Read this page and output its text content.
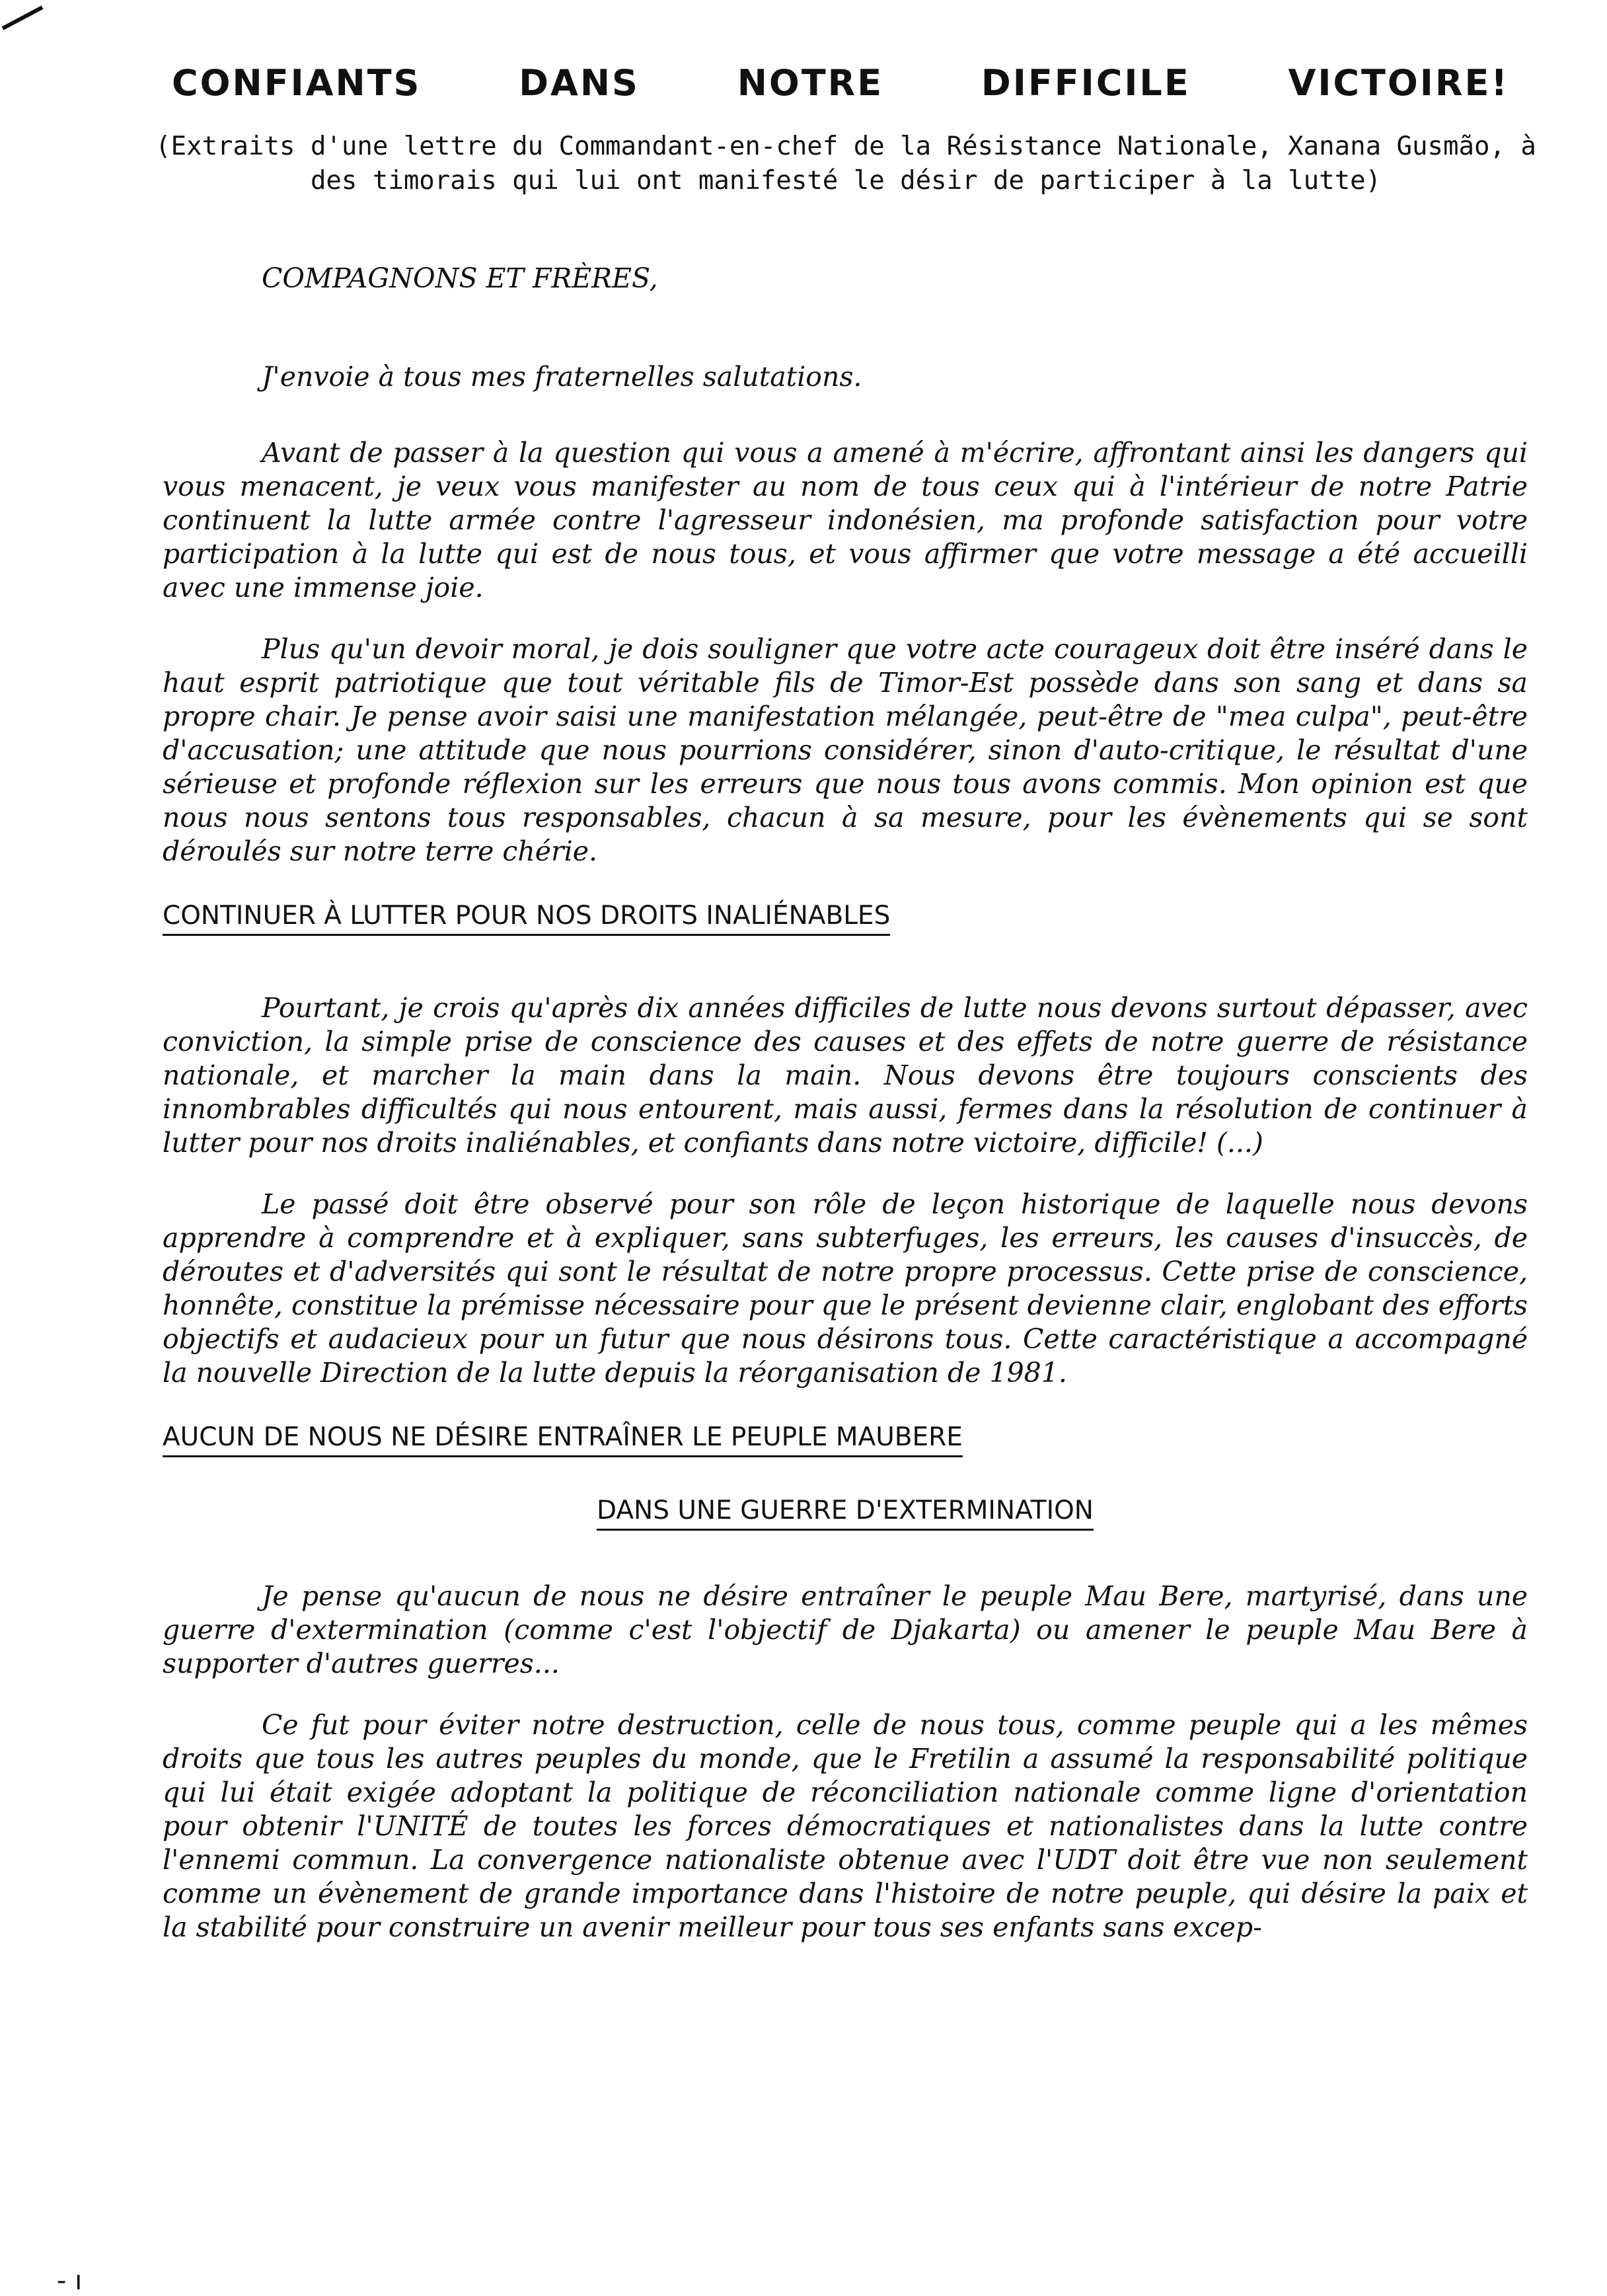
CONFIANTS	DANS	NOTRE	DIFFICILE	VICTOIRE!
(Extraits d'une lettre du Commandant-en-chef de la Résistance Nationale, Xanana Gusmão, à des timorais qui lui ont manifesté le désir de participer à la lutte)
COMPAGNONS ET FRÈRES,
J'envoie à tous mes fraternelles salutations.

Avant de passer à la question qui vous a amené à m'écrire, affrontant ainsi les dangers qui vous menacent, je veux vous manifester au nom de tous ceux qui à l'intérieur de notre Patrie continuent la lutte armée contre l'agresseur indonésien, ma profonde satisfaction pour votre participation à la lutte qui est de nous tous, et vous affirmer que votre message a été accueilli avec une immense joie.

Plus qu'un devoir moral, je dois souligner que votre acte courageux doit être inséré dans le haut esprit patriotique que tout véritable fils de Timor-Est possède dans son sang et dans sa propre chair. Je pense avoir saisi une manifestation mélangée, peut-être de "mea culpa", peut-être d'accusation; une attitude que nous pourrions considérer, sinon d'auto-critique, le résultat d'une sérieuse et profonde réflexion sur les erreurs que nous tous avons commis. Mon opinion est que nous nous sentons tous responsables, chacun à sa mesure, pour les évènements qui se sont déroulés sur notre terre chérie.

CONTINUER À LUTTER POUR NOS DROITS INALIÉNABLES

Pourtant, je crois qu'après dix années difficiles de lutte nous devons surtout dépasser, avec conviction, la simple prise de conscience des causes et des effets de notre guerre de résistance nationale, et marcher la main dans la main. Nous devons être toujours conscients des innombrables difficultés qui nous entourent, mais aussi, fermes dans la résolution de continuer à lutter pour nos droits inaliénables, et confiants dans notre victoire, difficile! (...)

Le passé doit être observé pour son rôle de leçon historique de laquelle nous devons apprendre à comprendre et à expliquer, sans subterfuges, les erreurs, les causes d'insuccès, de déroutes et d'adversités qui sont le résultat de notre propre processus. Cette prise de conscience, honnête, constitue la prémisse nécessaire pour que le présent devienne clair, englobant des efforts objectifs et audacieux pour un futur que nous désirons tous. Cette caractéristique a accompagné la nouvelle Direction de la lutte depuis la réorganisation de 1981.

AUCUN DE NOUS NE DÉSIRE ENTRAÎNER LE PEUPLE MAUBERE
DANS UNE GUERRE D'EXTERMINATION

Je pense qu'aucun de nous ne désire entraîner le peuple Mau Bere, martyrisé, dans une guerre d'extermination (comme c'est l'objectif de Djakarta) ou amener le peuple Mau Bere à supporter d'autres guerres...

Ce fut pour éviter notre destruction, celle de nous tous, comme peuple qui a les mêmes droits que tous les autres peuples du monde, que le Fretilin a assumé la responsabilité politique qui lui était exigée adoptant la politique de réconciliation nationale comme ligne d'orientation pour obtenir l'UNITÉ de toutes les forces démocratiques et nationalistes dans la lutte contre l'ennemi commun. La convergence nationaliste obtenue avec l'UDT doit être vue non seulement comme un évènement de grande importance dans l'histoire de notre peuple, qui désire la paix et la stabilité pour construire un avenir meilleur pour tous ses enfants sans excep-

- ı
